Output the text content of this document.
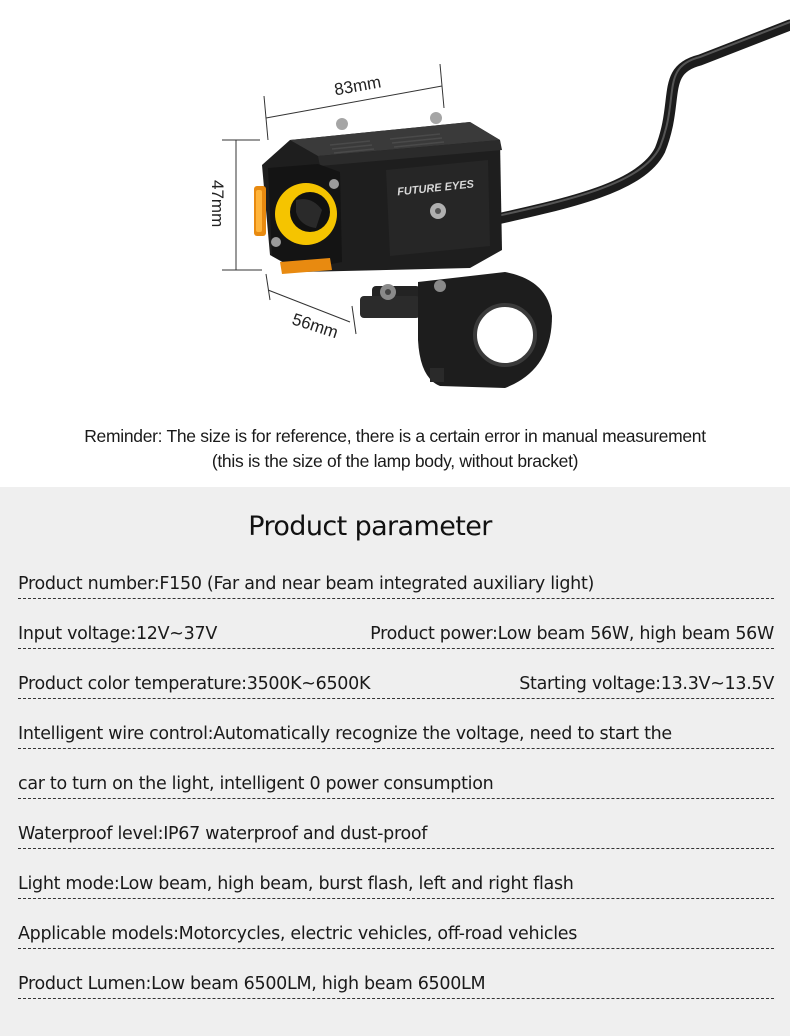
83mm
47mm
56mm
FUTURE EYES
Reminder: The size is for reference, there is a certain error in manual measurement
(this is the size of the lamp body, without bracket)
Product parameter
Product number:F150 (Far and near beam integrated auxiliary light)
Input voltage:12V~37V	Product power:Low beam 56W, high beam 56W
Product color temperature:3500K~6500K	Starting voltage:13.3V~13.5V
Intelligent wire control:Automatically recognize the voltage, need to start the
car to turn on the light, intelligent 0 power consumption
Waterproof level:IP67 waterproof and dust-proof
Light mode:Low beam, high beam, burst flash, left and right flash
Applicable models:Motorcycles, electric vehicles, off-road vehicles
Product Lumen:Low beam 6500LM, high beam 6500LM
